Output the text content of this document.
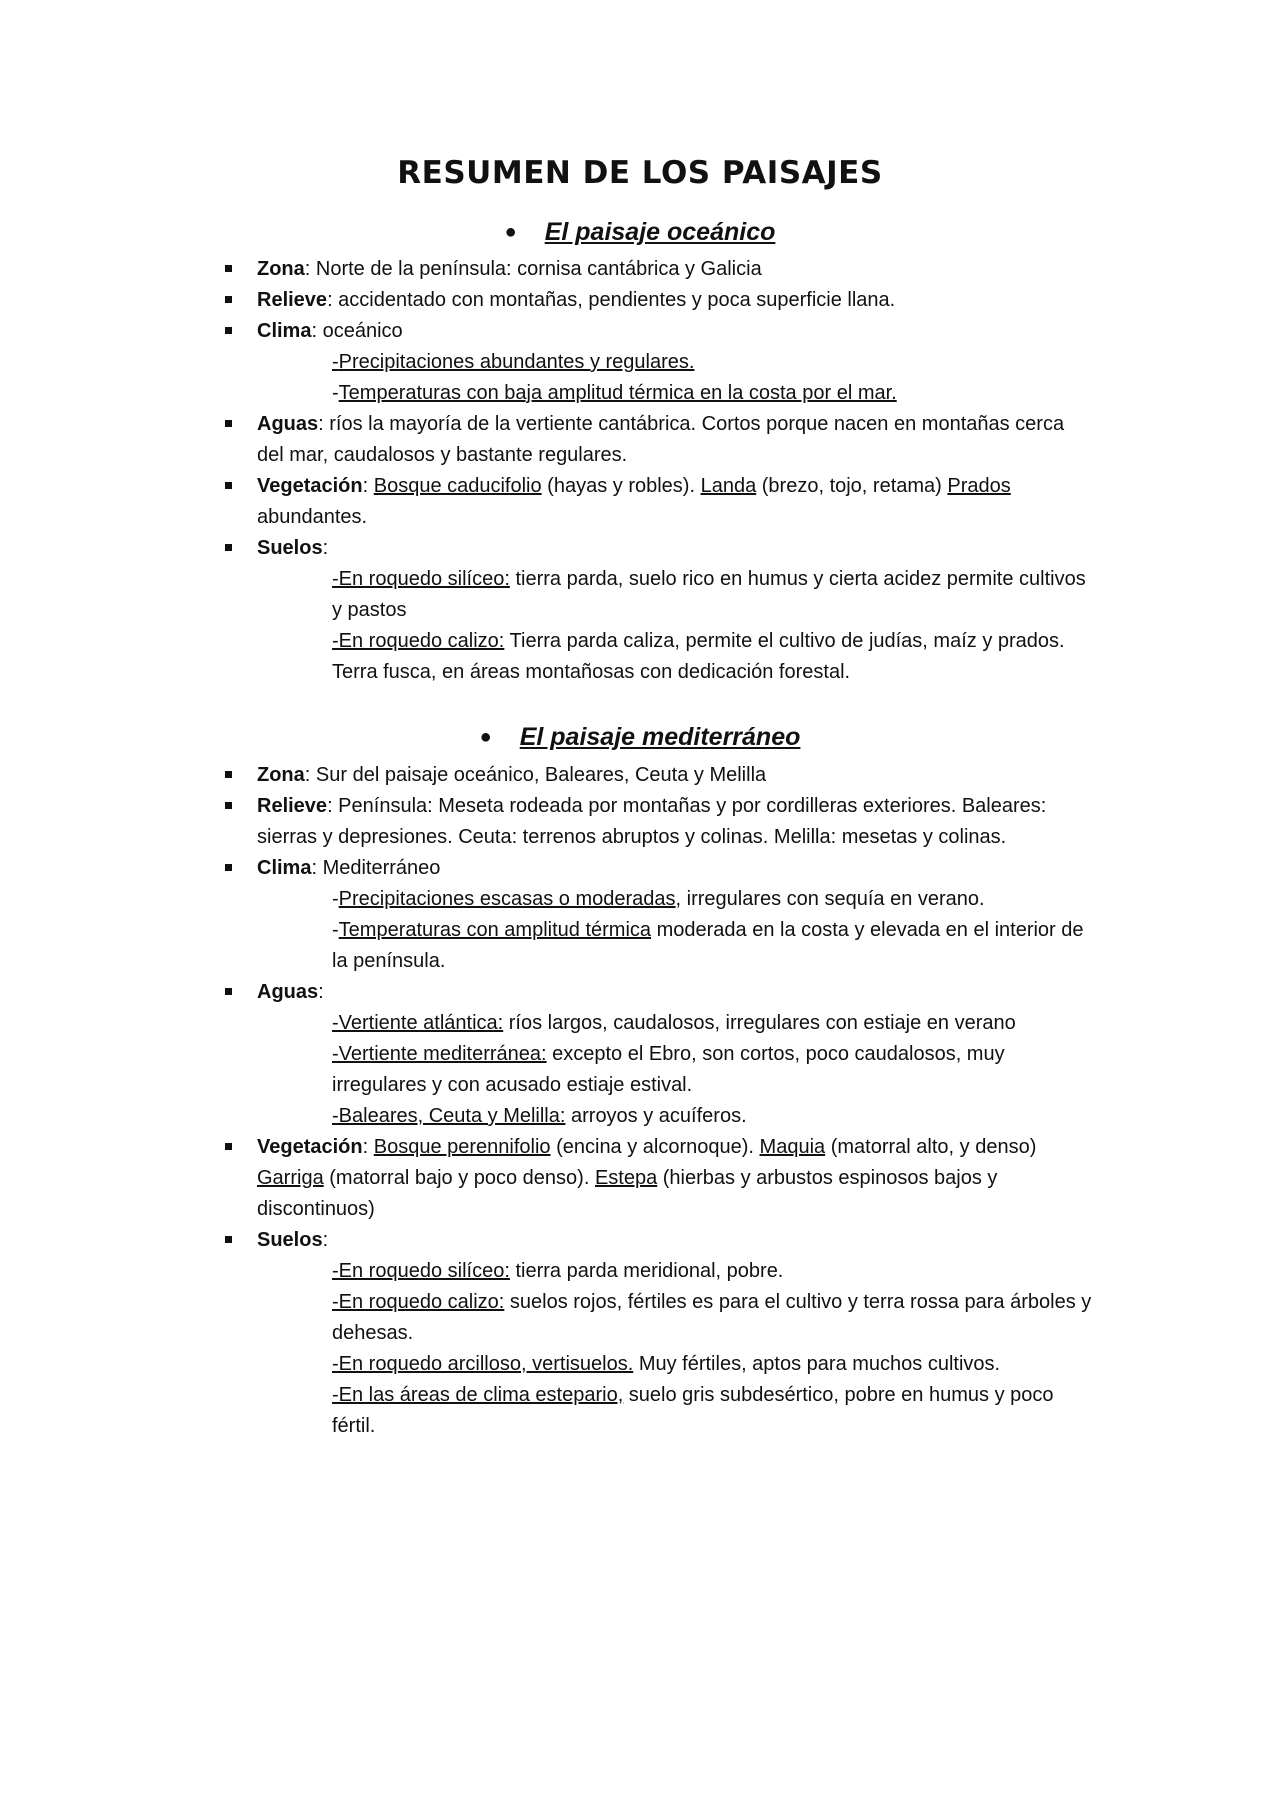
RESUMEN DE LOS PAISAJES
● El paisaje oceánico
Zona: Norte de la península: cornisa cantábrica y Galicia
Relieve: accidentado con montañas, pendientes y poca superficie llana.
Clima: oceánico
-Precipitaciones abundantes y regulares.
-Temperaturas con baja amplitud térmica en la costa por el mar.
Aguas: ríos la mayoría de la vertiente cantábrica. Cortos porque nacen en montañas cerca del mar, caudalosos y bastante regulares.
Vegetación: Bosque caducifolio (hayas y robles). Landa (brezo, tojo, retama) Prados abundantes.
Suelos:
-En roquedo silíceo: tierra parda, suelo rico en humus y cierta acidez permite cultivos y pastos
-En roquedo calizo: Tierra parda caliza, permite el cultivo de judías, maíz y prados. Terra fusca, en áreas montañosas con dedicación forestal.
● El paisaje mediterráneo
Zona: Sur del paisaje oceánico, Baleares, Ceuta y Melilla
Relieve: Península: Meseta rodeada por montañas y por cordilleras exteriores. Baleares: sierras y depresiones. Ceuta: terrenos abruptos y colinas. Melilla: mesetas y colinas.
Clima: Mediterráneo
-Precipitaciones escasas o moderadas, irregulares con sequía en verano.
-Temperaturas con amplitud térmica moderada en la costa y elevada en el interior de la península.
Aguas:
-Vertiente atlántica: ríos largos, caudalosos, irregulares con estiaje en verano
-Vertiente mediterránea: excepto el Ebro, son cortos, poco caudalosos, muy irregulares y con acusado estiaje estival.
-Baleares, Ceuta y Melilla: arroyos y acuíferos.
Vegetación: Bosque perennifolio (encina y alcornoque). Maquia (matorral alto, y denso) Garriga (matorral bajo y poco denso). Estepa (hierbas y arbustos espinosos bajos y discontinuos)
Suelos:
-En roquedo silíceo: tierra parda meridional, pobre.
-En roquedo calizo: suelos rojos, fértiles es para el cultivo y terra rossa para árboles y dehesas.
-En roquedo arcilloso, vertisuelos. Muy fértiles, aptos para muchos cultivos.
-En las áreas de clima estepario, suelo gris subdesértico, pobre en humus y poco fértil.
